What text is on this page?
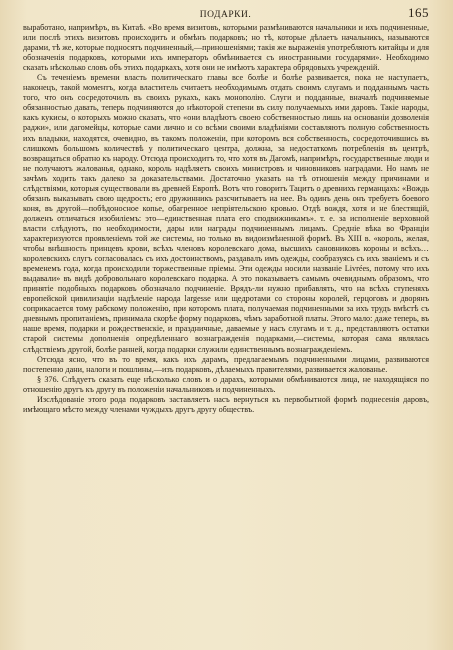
ПОДАРКИ.	165

выработано, напримѣръ, въ Китаѣ. «Во время визитовъ, которыми размѣниваются начальники и ихъ подчиненные, или послѣ этихъ визитовъ происходитъ и обмѣнъ подарковъ; но тѣ, которые дѣлаетъ начальникъ, называются дарами, тѣ же, которые подносятъ подчиненный,—приношеніями; такія же выраженія употребляютъ китайцы и для обозначенія подарковъ, которыми ихъ императоръ обмѣнивается съ иностранными государями». Необходимо сказать нѣсколько словъ объ этихъ подаркахъ, хотя они не имѣютъ характера обрядовыхъ учрежденій.

Съ теченіемъ времени власть политическаго главы все болѣе и болѣе развивается, пока не наступаетъ, наконецъ, такой моментъ, когда властитель считаетъ необходимымъ отдать своимъ слугамъ и подданнымъ часть того, что онъ сосредоточилъ въ своихъ рукахъ, какъ монополію. Слуги и подданные, вначалѣ подчиняемые обязанностью давать, теперь подчиняются до нѣкоторой степени въ силу получаемыхъ ими даровъ. Такіе народы, какъ кукисы, о которыхъ можно сказать, что «они владѣютъ своею собственностью лишь на основаніи дозволенія раджи», или дагомейцы, которые сами лично и со всѣми своими владѣніями составляютъ полную собственность ихъ владыки, находятся, очевидно, въ такомъ положеніи, при которомъ вся собственность, сосредоточившись въ слишкомъ большомъ количествѣ у политическаго центра, должна, за недостаткомъ потребленія въ центрѣ, возвращаться обратно къ народу. Отсюда происходитъ то, что хотя въ Дагомѣ, напримѣръ, государственные люди и не получаютъ жалованья, однако, король надѣляетъ своихъ министровъ и чиновниковъ наградами. Но намъ не зачѣмъ ходить такъ далеко за доказательствами. Достаточно указать на тѣ отношенія между причинами и слѣдствіями, которыя существовали въ древней Европѣ. Вотъ что говоритъ Тацитъ о древнихъ германцахъ: «Вождь обязанъ выказывать свою щедрость; его дружинникъ разсчитываетъ на нее. Въ одинъ день онъ требуетъ боевого коня, въ другой—побѣдоносное копье, обагренное непріятельскою кровью. Отдѣ вождя, хотя и не блестящій, долженъ отличаться изобиліемъ: это—единственная плата его сподвижникамъ». т. е. за исполненіе верховной власти слѣдуютъ, по необходимости, дары или награды подчиненнымъ лицамъ. Средніе вѣка во Франціи характеризуются проявленіемъ той же системы, но только въ видоизмѣненной формѣ. Въ XIII в. «король, желая, чтобы внѣшность принцевъ крови, всѣхъ членовъ королевскаго дома, высшихъ сановниковъ короны и всѣхъ… королевскихъ слугъ согласовалась съ ихъ достоинствомъ, раздавалъ имъ одежды, сообразуясь съ ихъ званіемъ и съ временемъ года, когда происходили торжественные пріемы. Эти одежды носили названіе Livrées, потому что ихъ выдавали» въ видѣ добровольнаго королевскаго подарка. А это показываетъ самымъ очевиднымъ образомъ, что принятіе подобныхъ подарковъ обозначало подчиненіе. Врядъ-ли нужно прибавлять, что на всѣхъ ступеняхъ европейской цивилизаціи надѣленіе народа largesse или щедротами со стороны королей, герцоговъ и дворянъ соприкасается тому рабскому положенію, при которомъ плата, получаемая подчиненными за ихъ трудъ вмѣстѣ съ дневнымъ пропитаніемъ, принимала скорѣе форму подарковъ, чѣмъ заработной платы. Этого мало: даже теперь, въ наше время, подарки и рождественскіе, и праздничные, даваемые у насъ слугамъ и т. д., представляютъ остатки старой системы дополненія опредѣленнаго вознагражденія подарками,—системы, которая сама являлась слѣдствіемъ другой, болѣе ранней, когда подарки служили единственнымъ вознагражденіемъ.

Отсюда ясно, что въ то время, какъ ихъ дарамъ, предлагаемымъ подчиненными лицами, развиваются постепенно дани, налоги и пошлины,—изъ подарковъ, дѣлаемыхъ правителями, развивается жалованье.

§ 376. Слѣдуетъ сказать еще нѣсколько словъ и о дарахъ, которыми обмѣниваются лица, не находящіяся по отношенію другъ къ другу въ положеніи начальниковъ и подчиненныхъ.

Изслѣдованіе этого рода подарковъ заставляетъ насъ вернуться къ первобытной формѣ поднесенія даровъ, имѣющаго мѣсто между членами чуждыхъ другъ другу обществъ.
